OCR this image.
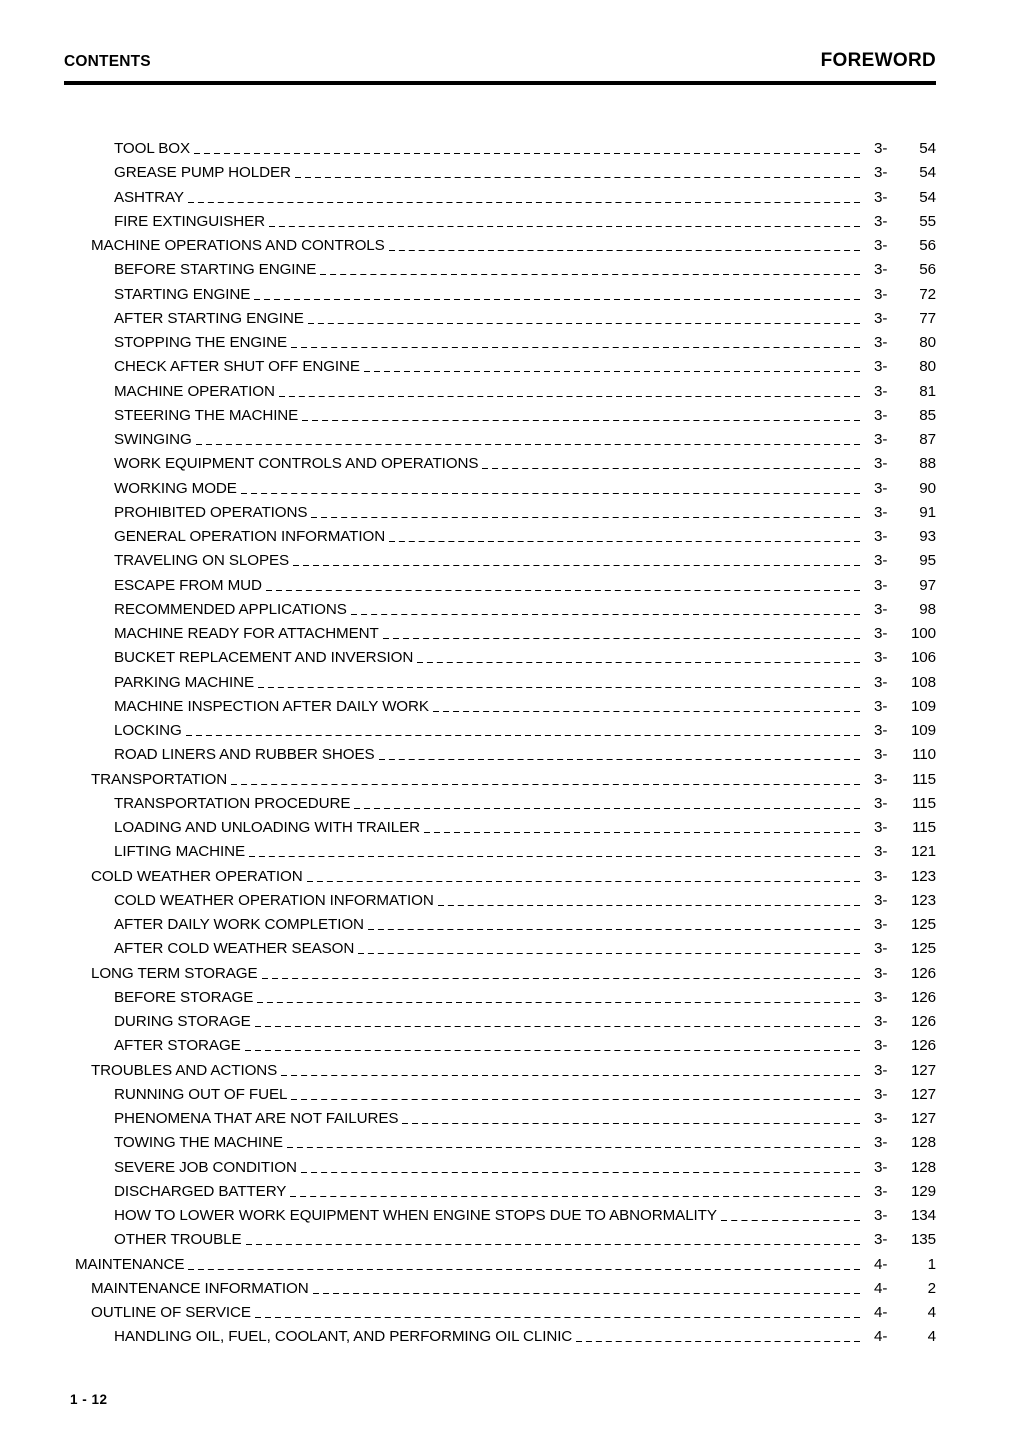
CONTENTS	FOREWORD
TOOL BOX	3-	54
GREASE PUMP HOLDER	3-	54
ASHTRAY	3-	54
FIRE EXTINGUISHER	3-	55
MACHINE OPERATIONS AND CONTROLS	3-	56
BEFORE STARTING ENGINE	3-	56
STARTING ENGINE	3-	72
AFTER STARTING ENGINE	3-	77
STOPPING THE ENGINE	3-	80
CHECK AFTER SHUT OFF ENGINE	3-	80
MACHINE OPERATION	3-	81
STEERING THE MACHINE	3-	85
SWINGING	3-	87
WORK EQUIPMENT CONTROLS AND OPERATIONS	3-	88
WORKING MODE	3-	90
PROHIBITED OPERATIONS	3-	91
GENERAL OPERATION INFORMATION	3-	93
TRAVELING ON SLOPES	3-	95
ESCAPE FROM MUD	3-	97
RECOMMENDED APPLICATIONS	3-	98
MACHINE READY FOR ATTACHMENT	3-	100
BUCKET REPLACEMENT AND INVERSION	3-	106
PARKING MACHINE	3-	108
MACHINE INSPECTION AFTER DAILY WORK	3-	109
LOCKING	3-	109
ROAD LINERS AND RUBBER SHOES	3-	110
TRANSPORTATION	3-	115
TRANSPORTATION PROCEDURE	3-	115
LOADING AND UNLOADING WITH TRAILER	3-	115
LIFTING MACHINE	3-	121
COLD WEATHER OPERATION	3-	123
COLD WEATHER OPERATION INFORMATION	3-	123
AFTER DAILY WORK COMPLETION	3-	125
AFTER COLD WEATHER SEASON	3-	125
LONG TERM STORAGE	3-	126
BEFORE STORAGE	3-	126
DURING STORAGE	3-	126
AFTER STORAGE	3-	126
TROUBLES AND ACTIONS	3-	127
RUNNING OUT OF FUEL	3-	127
PHENOMENA THAT ARE NOT FAILURES	3-	127
TOWING THE MACHINE	3-	128
SEVERE JOB CONDITION	3-	128
DISCHARGED BATTERY	3-	129
HOW TO LOWER WORK EQUIPMENT WHEN ENGINE STOPS DUE TO ABNORMALITY	3-	134
OTHER TROUBLE	3-	135
MAINTENANCE	4-	1
MAINTENANCE INFORMATION	4-	2
OUTLINE OF SERVICE	4-	4
HANDLING OIL, FUEL, COOLANT, AND PERFORMING OIL CLINIC	4-	4
1 - 12
